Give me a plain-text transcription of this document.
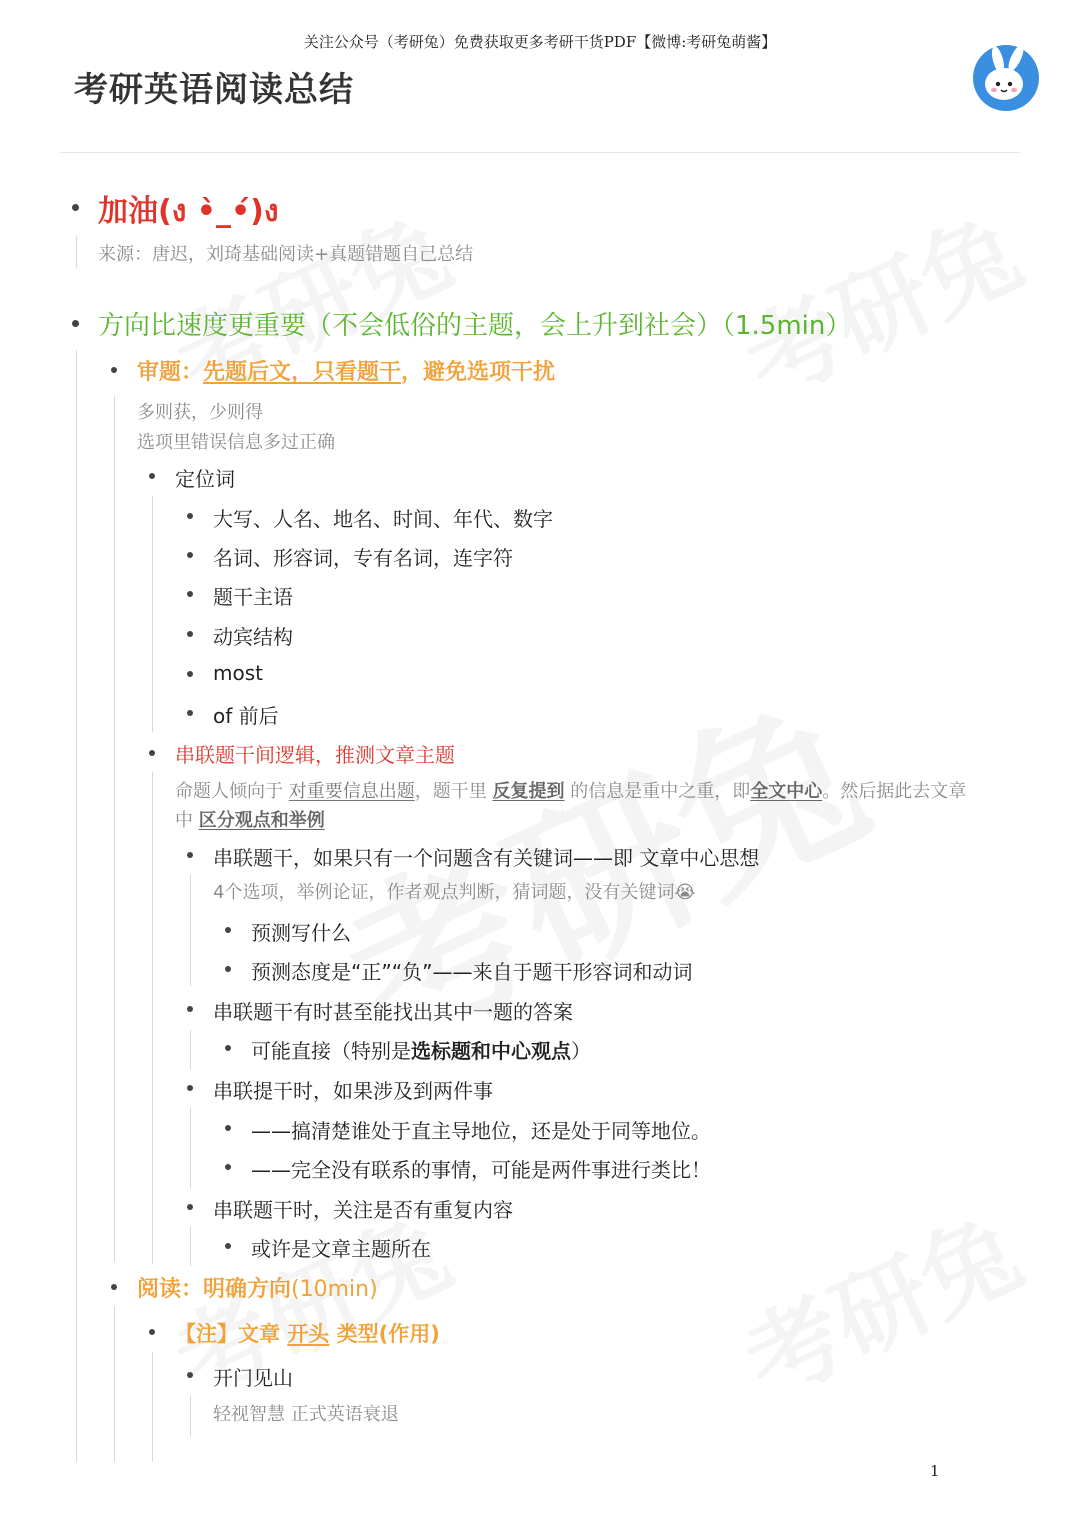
关注公众号（考研兔）免费获取更多考研干货PDF【微博:考研兔萌酱】
考研英语阅读总结
加油(ง •̀_•́)ง
来源：唐迟，刘琦基础阅读+真题错题自己总结
方向比速度更重要（不会低俗的主题，会上升到社会）（1.5min）
审题：先题后文，只看题干，避免选项干扰
多则获，少则得
选项里错误信息多过正确
定位词
大写、人名、地名、时间、年代、数字
名词、形容词，专有名词，连字符
题干主语
动宾结构
most
of 前后
串联题干间逻辑，推测文章主题
命题人倾向于 对重要信息出题，题干里 反复提到 的信息是重中之重，即全文中心。然后据此去文章
中 区分观点和举例
串联题干，如果只有一个问题含有关键词——即 文章中心思想
4个选项，举例论证，作者观点判断，猜词题，没有关键词😭
预测写什么
预测态度是“正”“负”——来自于题干形容词和动词
串联题干有时甚至能找出其中一题的答案
可能直接（特别是选标题和中心观点）
串联提干时，如果涉及到两件事
——搞清楚谁处于直主导地位，还是处于同等地位。
——完全没有联系的事情，可能是两件事进行类比！
串联题干时，关注是否有重复内容
或许是文章主题所在
阅读：明确方向(10min)
【注】文章 开头 类型(作用)
开门见山
轻视智慧 正式英语衰退
1
